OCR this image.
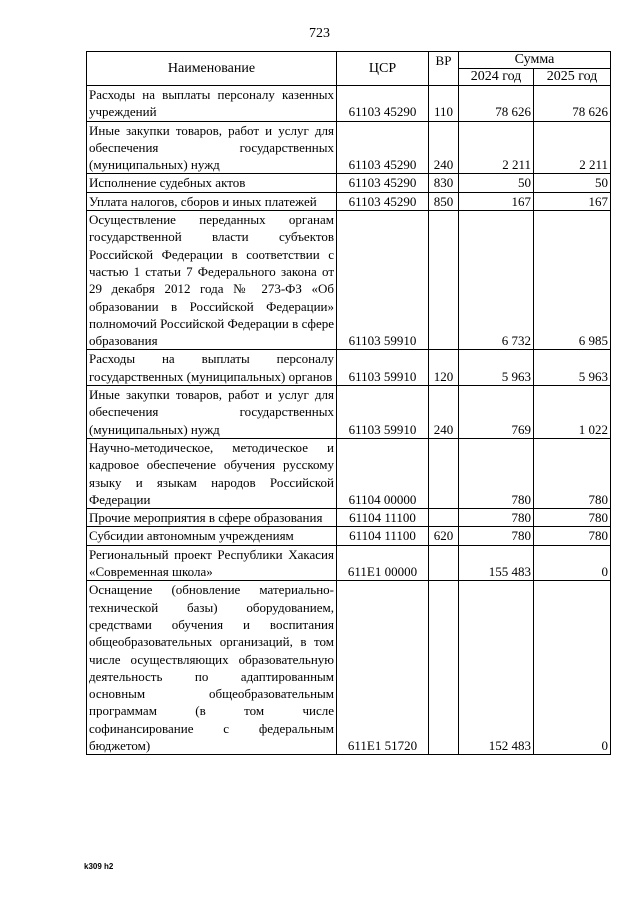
723
Наименование	ЦСР	ВР	Сумма	
			2024 год	2025 год
Расходы на выплаты персоналу казенных учреждений	61103 45290	110	78 626	78 626
Иные закупки товаров, работ и услуг для обеспечения государственных (муниципальных) нужд	61103 45290	240	2 211	2 211
Исполнение судебных актов	61103 45290	830	50	50
Уплата налогов, сборов и иных платежей	61103 45290	850	167	167
Осуществление переданных органам государственной власти субъектов Российской Федерации в соответствии с частью 1 статьи 7 Федерального закона от 29 декабря 2012 года № 273-ФЗ «Об образовании в Российской Федерации» полномочий Российской Федерации в сфере образования	61103 59910		6 732	6 985
Расходы на выплаты персоналу государственных (муниципальных) органов	61103 59910	120	5 963	5 963
Иные закупки товаров, работ и услуг для обеспечения государственных (муниципальных) нужд	61103 59910	240	769	1 022
Научно-методическое, методическое и кадровое обеспечение обучения русскому языку и языкам народов Российской Федерации	61104 00000		780	780
Прочие мероприятия в сфере образования	61104 11100		780	780
Субсидии автономным учреждениям	61104 11100	620	780	780
Региональный проект Республики Хакасия «Современная школа»	611E1 00000		155 483	0
Оснащение (обновление материально-технической базы) оборудованием, средствами обучения и воспитания общеобразовательных организаций, в том числе осуществляющих образовательную деятельность по адаптированным основным общеобразовательным программам (в том числе софинансирование с федеральным бюджетом)	611E1 51720		152 483	0
k309 h2
